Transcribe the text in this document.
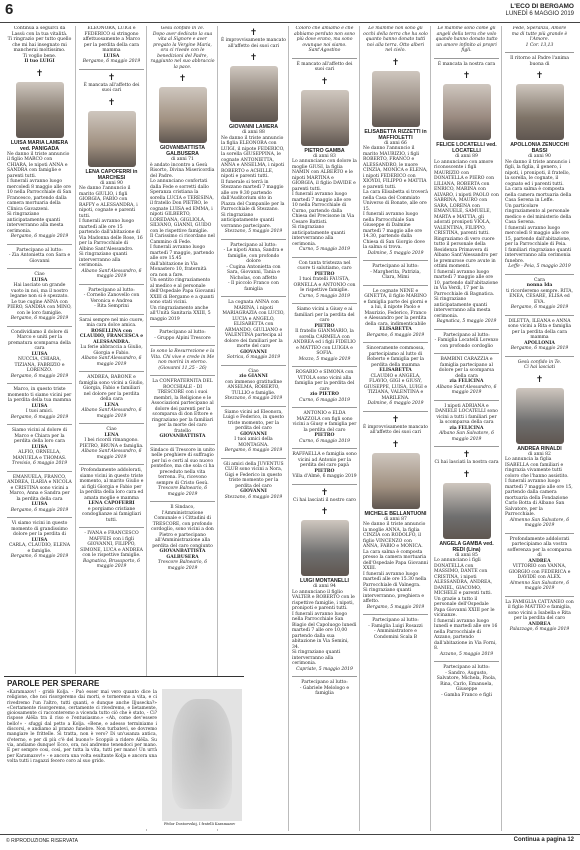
6	L'ECO DI BERGAMO
LUNEDÌ 6 MAGGIO 2019
Continua a seguirci da Lassù con la tua vitalità.
Ti ringrazio per tutto quello che mi hai insegnato mi mancherai moltissimo.
Ti voglio bene.
Il tuo LUIGI
✝
LUISA MARIA LAMERA ved. PANIGADA
Ne danno il triste annuncio il figlio MARCO con CHIARA, le nipoti ANNA e SANDRA con famiglie e parenti tutti.
I funerali avranno luogo mercoledì 8 maggio alle ore 10 nella Parrocchiale di San Francesco, partendo dalla camera mortuaria della Clinica Gavazzeni.
Si ringraziano anticipatamente quanti interverranno alla mesta cerimonia.
Bergamo, 6 maggio 2019
Partecipano al lutto:
- Zia Antonietta con Sara e Giovanni
Ciao
LUISA
Hai lasciato un grande vuoto in noi, ma il nostro legame non si è spezzato.
Le tue cugine ANNA con PIERO, SANDRA con MINO, con le loro famiglie.
Bergamo, 6 maggio 2019
Condividiamo il dolore di Marco e uniti per la prematura scomparsa della cara
LUISA
NUCCIA, CHIARA, TIZIANA, FABRIZIO e LORENZO.
Bergamo, 6 maggio 2019
Marco, in questo triste momento ti siamo vicini per la perdita della tua mamma
LUISA
I tuoi amici.
Bergamo, 6 maggio 2019
Siamo vicini al dolore di Marco e Chiara per la perdita della loro cara
LUISA
ALFIO, ORNELLA, MANUELA e THOMAS.
Trevisio, 6 maggio 2019
EMANUELA, FRANCO, ANDREA, ILARIA e NICOLA e CRISTINA sono vicini a Marco, Anna e Sandra per la perdita della cara
LUISA
Bergamo, 6 maggio 2019
Vi siamo vicini in questo momento di grandissimo dolore per la perdita di
LUISA
CARLA, CLAUDIO, ELENA e famiglie.
Bergamo, 6 maggio 2019
ELEONORA, LUIGI e FEDERICO si stringono affettuosamente a Marco per la perdita della cara mamma
LUISA
Bergamo, 6 maggio 2019
✝
È mancata all'affetto dei suoi cari
✝
LENA CAPOFERRI in MARCHESI
di anni 90
Ne danno l'annuncio il marito GIULIO, i figli GIORGIA, FABIO con RAFFY e ALESSANDRA, i nipoti, cognate e parenti tutti.
I funerali avranno luogo martedì alle ore 15 partendo dall'abitazione di Via Madonna delle Rose, 16 per la Parrocchiale di Albino Sant'Alessandro.
Si ringraziano quanti interverranno alla cerimonia.
Albano Sant'Alessandro, 6 maggio 2019
Partecipano al lutto:
- Cornelio Zanovello con Veronica e Andrea
- Rita Semprini
Sarai sempre nel mio cuore, mia cara dolce amica.
ROSELLINA con CLAUDIO, FRANCESCA e ALESSANDRA.
Lu ferie abbraccia a Giulio, Giorgia e Fabio.
Albano Sant'Alessandro, 6 maggio 2019
ANDREA, BABONE e famiglia sono vicini a Giulio, Giorgia, Fabio e familiari nel dolore per la perdita della cara
LENA
Albano Sant'Alessandro, 6 maggio 2019
Ciao
LENA
I bei ricordi rimangono. PIETRO, BRUNA e famiglia.
Albano Sant'Alessandro, 6 maggio 2019
Profondamente addolorati, siamo vicini in questo triste momento, al marito Giulio e ai figli Giorgia e Fabio per la perdita della loro cara ed amata moglie e mamma
LENA CAPOFERRI
e porgiamo cristiane condoglianze ai famigliari tutti.
- IVANA e FRANCESCO MAFFEIS con i figli GIOVANNI, FILIPPO, SIMONE, LUCA e ANDREA con le rispettive famiglie.
Bagnatica, Brusaporto, 6 maggio 2019
Gesù confido in Te.
Dopo aver dedicato la sua vita al Signore e aver pregato la Vergine Maria, ora ci rivede con le benedizioni del Padre, raggiunto nel suo abbraccio la pace.
✝
GIOVANBATTISTA GALBUSERA
di anni 71
è andato incontro a Gesù Risorto, Divina Misericordia del Padre.
Lo annunciano confortati dalla Fede e sorretti dallo Speranza cristiana la sorella LUCIA e TERESINA, il fratello Don PIETRO, le cognate LUISA ed EMMA, i nipoti GILBERTO, LOREDANA, GIGLIOLA, SILVANO, GIANNI, GUIDO con le rispettive famiglie.
Il Carissimo ci ricordano nel Cammino di Fede.
I funerali avranno luogo martedì 7 maggio, partendo alle ore 15.45 dall'abitazione in Via Monastero 10, fraternità ora non a fare.
Un sentito ringraziamento al medico e al personale dell'Ospedale Papa Giovanni XXIII di Bergamo e a quanti sono stati vicini.
Un ringraziamento anche all'Unità Sanitaria XXIII, 5 maggio 2019
Partecipano al lutto:
- Gruppo Alpini Trescore
Io sono la Resurrezione e la Vita. Chi vive e crede in Me non morirà in eterno.
(Giovanni 11,25 - 26)
La CONFRATERNITA DEL ROCCHIALE - DI TRESCORE con i suoi membri, la Religione e le Associazioni partecipano al dolore dei parenti per la scomparsa di don Ettore e ringraziano per la familiari per la morte del caro fratello
GIOVANBATTISTA
Sindaco di Trescore in unito nelle preghiere di suffragio per lui e certi al suo nuovo pontefice, ma che sola ci ha preceduto nella vita terrena. Fu, ricevono sempre di Cristo Gesù.
Trescore Balneario, 6 maggio 2019
Il Sindaco, l'Amministrazione Comunale e i Cittadini di TRESCORE, con profondo cordoglio, sono vicini a don Pietro e partecipano all'Amministrazione alla perdita del caro congiunto
GIOVANBATTISTA GALBUSERA
Trescore Balneario, 6 maggio 2019
✝
È improvvisamente mancato all'affetto dei suoi cari
✝
GIOVANNI LAMERA
di anni 88
Ne danno il triste annuncio la figlia ELEONORA con LUIGI, il nipote FEDERICO, la sorella GIUSEPPINA, le cognate ANTONIETTA, ANNA e ANSELMA, i nipoti ROBERTO e ACHILLE, nipoti e parenti tutti.
Il funerale si terrà in Stezzano martedì 7 maggio alle ore 9.30 partendo dall'Auditorium sito in Piazza del Campanile per la Parrocchiale di Stezzano.
Si ringraziano anticipatamente quanti vorranno partecipare.
Stezzano, 5 maggio 2019
Partecipano al lutto:
- Le nipoti Anna, Sandra e famiglie, con profondo dolore
- Cugina Antonietta con Sara, Giovanni, Tania e Nicholas, con affetto
- Il piccolo Franco con famiglia
La cognata ANNA con MARINA, i nipoti MARIAGRAZIA con LUCIO, LUCIA e ANGELO, ELISABETTA con ARMANDO, GIULIANO e VALENTINA partecipa al dolore dei familiari per la morte del caro
GIOVANNI
Sotrica, 6 maggio 2019
Ciao
zio GIANNI
con immenso gratitudine ANSELMA, ROBERTO, TULLIO e famiglie.
Stezzano, 6 maggio 2019
Siamo vicini ad Eleonora, Luigi e Federico, in questo triste momento, per la perdita del caro
GIOVANNI
I tuoi amici della MONTAGNA.
Bergamo, 6 maggio 2019
Gli amici della JUVENTUS CLUB sono vicini a Nora, Gigi e Federico in questo triste momento per la perdita del caro
GIOVANNI
Stezzano, 6 maggio 2019
Coloro che amiamo e che abbiamo perduto non sono più dove erano, ma sono ovunque noi siamo.
Sant'Agostino
È mancato all'affetto dei suoi cari
✝
PIETRO GAMBA
di anni 83
Lo annunciano con dolore la moglie GIUSI, la figlia NAMIN con ALBERTO e le nipoti MARTINA e GIORGIA, il figlio DAVIDE e parenti tutti.
I funerali avranno luogo martedì 7 maggio alle ore 10 nella Parrocchiale di Curno, partendo dalla Chiesa del Precisone in Via Cesare Battisti.
Si ringraziano anticipatamente quanti interverranno alla cerimonia.
Curno, 5 maggio 2019
Con tanta tristezza nel cuore ti salutiamo, caro
PIETRO
I tuoi fratelli FAUSTA, ORNELLA e ANTONIO con le rispettive famiglie.
Curno, 5 maggio 2019
Siamo vicini a Giusy e ai familiari per la perdita del caro
PIETRO
Il fratello GIANMARIO, la sorella CARMELA con ANDREA ed i figli FIDELIO e MATTEO con LUIGIA e SOFIA.
Mozzo, 5 maggio 2019
ROSARIO e SIMONA con VITOLA sono vicini alla famiglia per la perdita del caro
zio PIETRO
Curno, 6 maggio 2019
ANTONIO e ELDA MAZZOLA con figli sono vicini a Giusy e famiglia per la perdita del caro
PIETRO
Curno, 6 maggio 2019
RAFFAELLA e famiglia sono vicini ad Antonio per la perdita del caro papà
PIETRO
Villa d'Almè, 6 maggio 2019
✝
Ci hai lasciati il nostro caro
✝
LUIGI MONTANELLI
di anni 94
Lo annunciano il figlio VALTER e ROBERTO con le rispettive famiglie, i nipoti, pronipoti e parenti tutti.
I funerali avranno luogo nella Parrocchiale San Biagio del Capoluogo lunedì martedì 7 alle ore 10,00 partendo dalla sua abitazione in Via Semini, 34.
Si ringraziano quanti interverranno alla cerimonia.
Capriate, 5 maggio 2019
Partecipano al lutto:
- Gabriele Melologo e famiglia
Le mamme non sono gli occhi della terra che ha solo quanto hanno donato tutti noi alla terra. Otto alberi nel cielo.
✝
ELISABETTA RIZZETTI in MAFFIOLETTI
di anni 66
Ne danno l'annuncio il marito MAURIZIO, i figli ROBERTO, FRANCO e ALESSANDRO, le nuore CINZIA, MONICA e ELENA, i nipoti FEDERICO con XIOYDI, FILIPPO e MATTIA e parenti tutti.
La cara Elisabetta si troverà nella Casa del Commiato Universo di Bonate, alle ore 15.
I funerali avranno luogo nella Parrocchiale San Giuseppe di Dalmine martedì 7 maggio alle ore 14.30, partendo dalla Chiesa di San Giorgio dove la salma si trova.
Dalmine, 5 maggio 2019
Partecipano al lutto:
- Margherita, Patrizia, Clara, Mimi
Le cognate NENE e GINETTA, il figlio MARINO e famiglia parte dei giorni e a lui, il nipote Paolo e Maurizio, Federico, Franco e Alessandro per la perdita della cara, indimenticabile
ELISABETTA
Bergamo, 6 maggio 2019
Sinceramente commossa, partecipiamo al lutto di Roberto e famiglia per la perdita della mamma
ELISABETTA
CLAUDIO e ANGELA, FLAVIO, GIGI e GIUSY, GIUSEPPE, LUISA, LUIGI e TIZIANA, VALENTINA e MARILENA.
Dalmine, 6 maggio 2019
✝
È improvvisamente mancato all'affetto dei suoi cari
✝
MICHELE BELLANTUONI
di anni 87
Ne danno il triste annuncio la moglie ANNA, la figlia CINZIA con RODOLFO, il figlio VINCENZO con ANNA, FABIO e MONICA.
La cara salma è composta presso la camera mortuaria dell'Ospedale Papa Giovanni XXIII.
I funerali avranno luogo martedì alle ore 15.30 nella Parrocchiale di Valnegra.
Si ringraziano quanti interverranno, preghiera e affetto.
Bergamo, 5 maggio 2019
Partecipano al lutto:
- Famiglia Luigi Rosazzi
- Amministratore e Condomini Scala B
Le mamme sono come gli angeli della terra che volo quando hanno donato tutto un amore infinito ai propri figli.
È mancata la nostra cara
✝
FELICE LOCATELLI ved. LOCATELLI
di anni 89
Lo annunciano con amore riconoscente i figli MAURIZIO con DONATELLA e PIERO con LILIANA, ROBERTA con ENRICO, MARINA con ALVARO, i nipoti PAOLO con SABRINA, MAURO con SARA, LORENA con EMANUELE, SAMUELE, MARTA e MATTIA, gli adorati pronipoti VIOLA, VALENTINA, FILIPPO, CRISTINA, parenti tutti.
Ringraziamo di vero cuore tutto il personale della Residenza Primavera di Albano Sant'Alessandro per le premurose cure avute in ottimi momenti.
I funerali avranno luogo martedì 7 maggio alle ore 10, partendo dall'abitazione in Via Verdi, 17 per la Parrocchiale di Bagnatica.
Si ringraziano anticipatamente quanti interverranno alla mesta cerimonia.
Bagnatica, 5 maggio 2019
Partecipano al lutto:
- Famiglia Locatelli Lorenzo con profondo cordoglio
BAMBINI CARAZZIA e famiglia partecipano al dolore per la scomparsa della cara
zia FELICINA
Albano Sant'Alessandro, 6 maggio 2019
I nipoti ADRIANA e DANIELE LOCATELLI sono vicini a tutti i familiari per la scomparsa della cara
zia FELICINA
Albano San Salvatore, 6 maggio 2019
✝
Ci hai lasciati la nostra cara
✝
ANGELA GAMBA ved. REDI (Lina)
di anni 85
Lo annunciano i figli DONATELLA con MASSIMO, DANTE con CRISTINA, i nipoti ALESSANDRA, ANDREA, DANIEL, GIACOMO, MICHELE e parenti tutti.
Un grazie a tutto il personale dell'Ospedale Papa Giovanni XXIII per le vicinanze.
I funerali avranno luogo lunedì e martedì alle ore 16 nella Parrocchiale di Azzano, partendo dall'abitazione in Via Forni, 8.
Azzano, 5 maggio 2019
Partecipano al lutto:
- Sandro, Augusto, Salvatore, Michela, Paola, Rina, Carlo, Emanuela, Giuseppe
- Gamba Franco e figli
Fede, Speranza, Amore
ma di tutte più grande è l'Amore.
1 Cor. 13,13
Il ritorno al Padre l'anima buona di
✝
APOLLONIA ZENUCCHI BASSI
di anni 90
Ne danno il triste annuncio i figli, la figlia, il genero, i nipoti, i pronipoti, il fratello, la sorella, le cognate, il cognato ed i parenti tutti.
La cara salma è composta nella camera mortuaria della Casa Serena in Leffe.
Un particolare ringraziamento al personale medico e del ministerio della Casa Serena.
I funerali avranno luogo mercoledì 8 maggio alle ore 15, partendo dall'abitazione, per la Parrocchiale di Peia.
I familiari ringraziano quanti interverranno alla cerimonia funebre.
Leffe - Peia, 5 maggio 2019
Cara
nonna Ida
ti ricorderemo sempre. RITA, ENEA, CESARE, ELISA ed EVA.
Bergamo, 6 maggio 2019
DILETTA, ILEANA e ANNA sono vicini a Rita e famiglia per la perdita della cara mamma
APOLLONIA
Bergamo, 6 maggio 2019
Gesù confido in Te.
Ci hai lasciati
✝
ANDREA RINALDI
di anni 82
Lo annuncia la figlia ISABELLA con familiari e ringrazia vivamente tutti coloro che l'hanno assistito.
I funerali avranno luogo martedì 7 maggio alle ore 15, partendo dalla camera mortuaria della Fondazione Carlo Botta di Albano San Salvatore, per la Parrocchiale.
Almenno San Salvatore, 6 maggio 2019
Profondamente addolorati partecipiamo alla vostra sofferenza per la scomparsa di
ANDREA
VITTORIO con VANNA, GIORGIO con FEDERICA e DAVIDE con ALEX.
Almenno San Salvatore, 6 maggio 2019
La FAMIGLIA CATTANEO con il figlio MATTEO e famiglia, sono vicini a Isabella e Rita per la perdita del caro
ANDREA
Palazzago, 6 maggio 2019
PAROLE PER SPERARE
«Karamazov! - gridò Kolja. - Può esser mai vero quanto dice la religione, che noi risorgeremo dai morti, e torneremo a vita, e ci rivedremo l'un l'altro, tutti quanti, e dunque anche Iljusecka?» «Certamente risorgeremo, certamente ci rivedremo, e lietamente, gioiosamente ci racconteremo a vicenda tutto ciò che è stato, - Ci? rispose Alëša tra il riso e l'entusiasmo.» «Ah, come dev'essere bello!» - sfuggì dal petto a Kolja. «Bene, e adesso terminiamo i discorsi, e andiamo al pranzo funebre. Non turbatevi, se dovremo mangiare le frittelle. Si tratta, non è vero? Di un'usanza antica, d'eterno, e per di più c'è del buono!» Scoppiò a ridere Alëša. Su via, andiamo dunque! Ecco, ora, noi andremo tenendoci per mano. E per sempre così, così, per tutta la vita, tutti per mano! Un urrà per Karamazov!» - e ancora una volta esultante Kolja e ancora una volta tutti i ragazzi fecero coro al suo grido.
Fëdor Dostoevskij, I fratelli Karamazov
© RIPRODUZIONE RISERVATA	Continua a pagina 12
